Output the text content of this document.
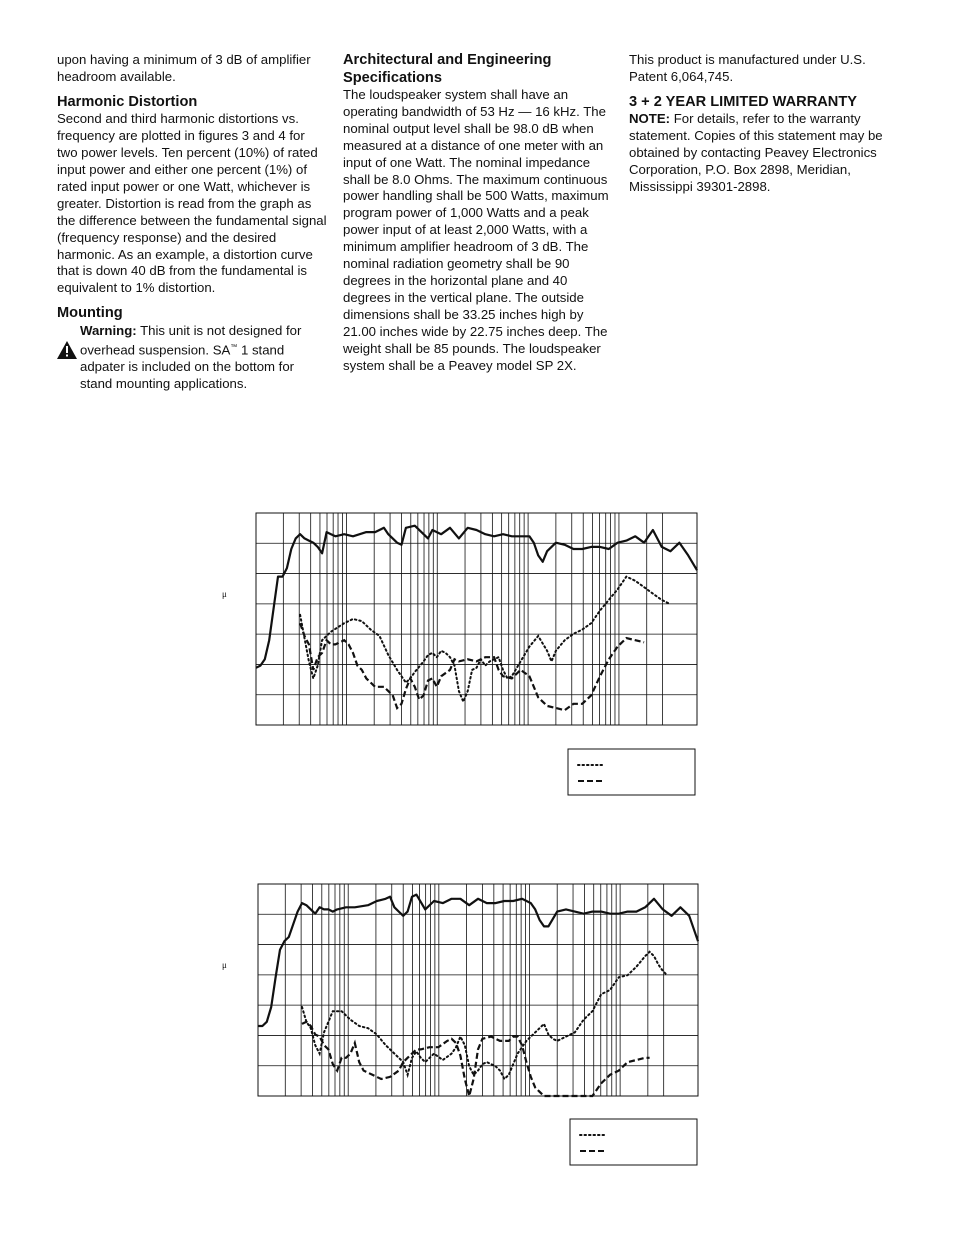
upon having a minimum of 3 dB of amplifier headroom available.

Harmonic Distortion

Second and third harmonic distortions vs. frequency are plotted in figures 3 and 4 for two power levels. Ten percent (10%) of rated input power and either one percent (1%) of rated input power or one Watt, whichever is greater. Distortion is read from the graph as the difference between the fundamental signal (frequency response) and the desired harmonic. As an example, a distortion curve that is down 40 dB from the fundamental is equivalent to 1% distortion.

Mounting

Warning: This unit is not designed for overhead suspension. SA™ 1 stand adpater is included on the bottom for stand mounting applications.

Architectural and Engineering Specifications

The loudspeaker system shall have an operating bandwidth of 53 Hz — 16 kHz. The nominal output level shall be 98.0 dB when measured at a distance of one meter with an input of one Watt. The nominal impedance shall be 8.0 Ohms. The maximum continuous power handling shall be 500 Watts, maximum program power of 1,000 Watts and a peak power input of at least 2,000 Watts, with a minimum amplifier headroom of 3 dB. The nominal radiation geometry shall be 90 degrees in the horizontal plane and 40 degrees in the vertical plane. The outside dimensions shall be 33.25 inches high by 21.00 inches wide by 22.75 inches deep. The weight shall be 85 pounds. The loudspeaker system shall be a Peavey model SP 2X.

This product is manufactured under U.S. Patent 6,064,745.

3 + 2 YEAR LIMITED WARRANTY

NOTE: For details, refer to the warranty statement. Copies of this statement may be obtained by contacting Peavey Electronics Corporation, P.O. Box 2898, Meridian, Mississippi 39301-2898.

μ
μ
